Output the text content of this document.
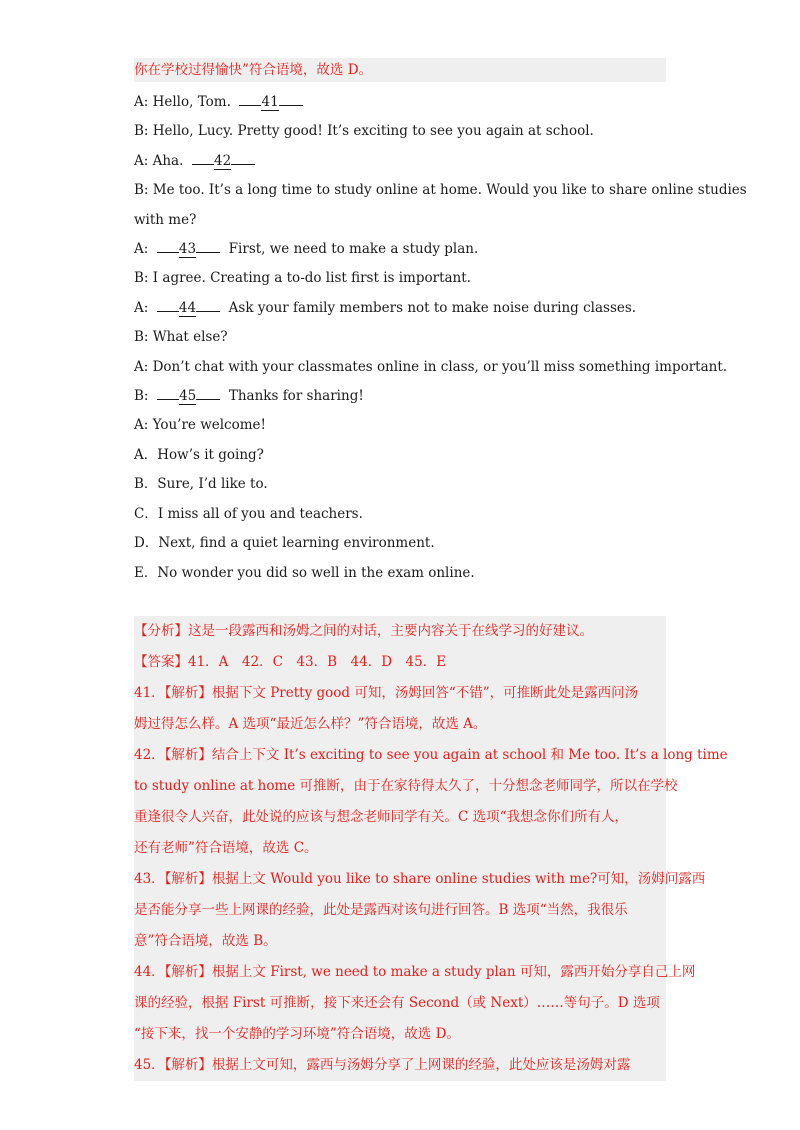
你在学校过得愉快”符合语境，故选 D。
A: Hello, Tom. 41
B: Hello, Lucy. Pretty good! It’s exciting to see you again at school.
A: Aha. 42
B: Me too. It’s a long time to study online at home. Would you like to share online studies
with me?
A: 43  First, we need to make a study plan.
B: I agree. Creating a to-do list first is important.
A: 44  Ask your family members not to make noise during classes.
B: What else?
A: Don’t chat with your classmates online in class, or you’ll miss something important.
B: 45  Thanks for sharing!
A: You’re welcome!
A．How’s it going?
B．Sure, I’d like to.
C．I miss all of you and teachers.
D．Next, find a quiet learning environment.
E．No wonder you did so well in the exam online.
【分析】这是一段露西和汤姆之间的对话，主要内容关于在线学习的好建议。
【答案】41．A　42．C　43．B　44．D　45．E
41．【解析】根据下文 Pretty good 可知，汤姆回答“不错”，可推断此处是露西问汤
姆过得怎么样。A 选项“最近怎么样？”符合语境，故选 A。
42．【解析】结合上下文 It’s exciting to see you again at school 和 Me too. It’s a long time
to study online at home 可推断，由于在家待得太久了，十分想念老师同学，所以在学校
重逢很令人兴奋，此处说的应该与想念老师同学有关。C 选项“我想念你们所有人，
还有老师”符合语境，故选 C。
43．【解析】根据上文 Would you like to share online studies with me?可知，汤姆问露西
是否能分享一些上网课的经验，此处是露西对该句进行回答。B 选项“当然，我很乐
意”符合语境，故选 B。
44．【解析】根据上文 First, we need to make a study plan 可知，露西开始分享自己上网
课的经验，根据 First 可推断，接下来还会有 Second（或 Next）……等句子。D 选项
“接下来，找一个安静的学习环境”符合语境，故选 D。
45．【解析】根据上文可知，露西与汤姆分享了上网课的经验，此处应该是汤姆对露
